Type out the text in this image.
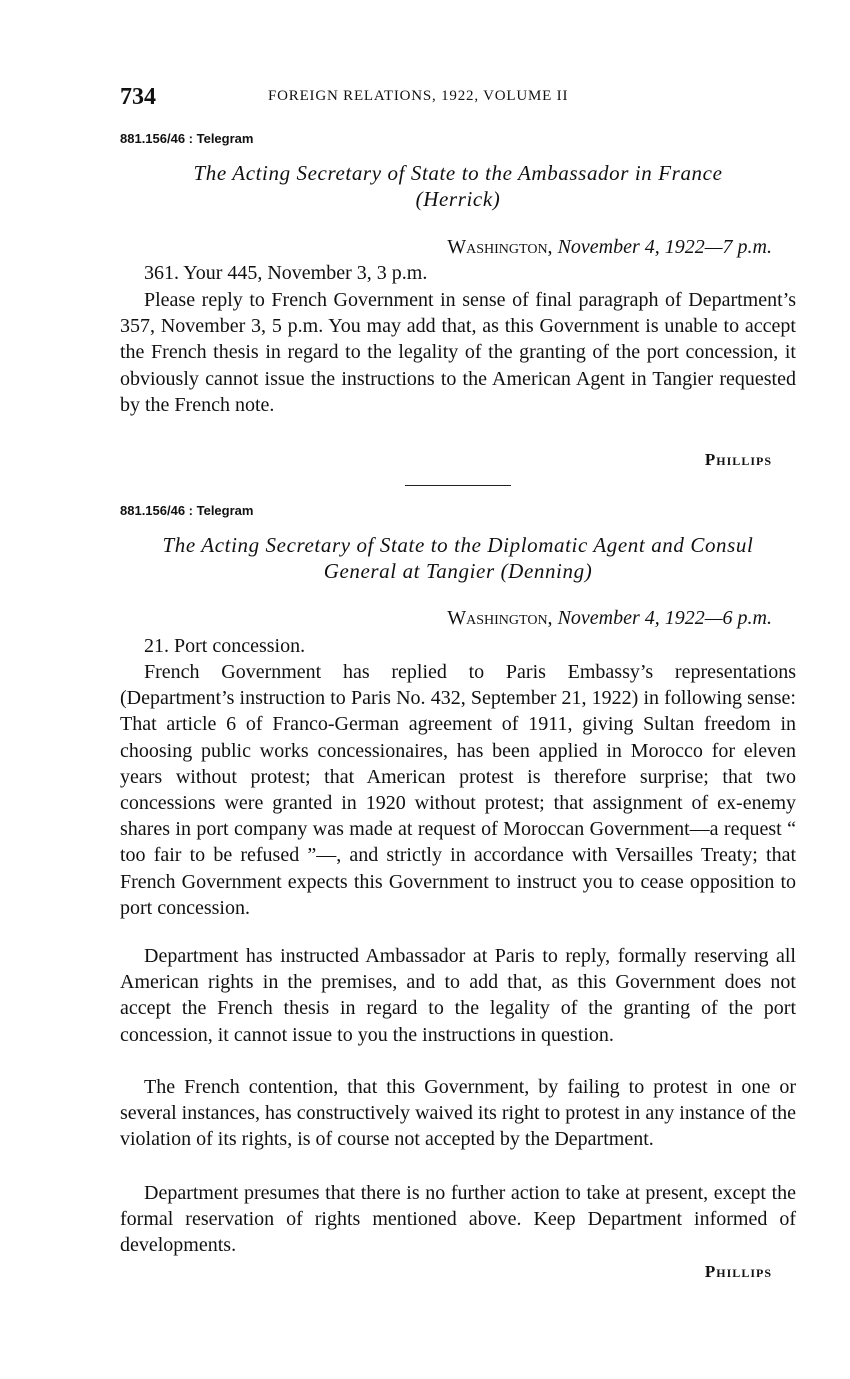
734	FOREIGN RELATIONS, 1922, VOLUME II
881.156/46 : Telegram
The Acting Secretary of State to the Ambassador in France
(Herrick)
Washington, November 4, 1922—7 p.m.

361. Your 445, November 3, 3 p.m.

Please reply to French Government in sense of final paragraph of Department’s 357, November 3, 5 p.m. You may add that, as this Government is unable to accept the French thesis in regard to the legality of the granting of the port concession, it obviously cannot issue the instructions to the American Agent in Tangier requested by the French note.

Phillips
881.156/46 : Telegram
The Acting Secretary of State to the Diplomatic Agent and Consul
General at Tangier (Denning)
Washington, November 4, 1922—6 p.m.

21. Port concession.

French Government has replied to Paris Embassy’s representations (Department’s instruction to Paris No. 432, September 21, 1922) in following sense: That article 6 of Franco-German agreement of 1911, giving Sultan freedom in choosing public works concessionaires, has been applied in Morocco for eleven years without protest; that American protest is therefore surprise; that two concessions were granted in 1920 without protest; that assignment of ex-enemy shares in port company was made at request of Moroccan Government—a request “ too fair to be refused ”—, and strictly in accordance with Versailles Treaty; that French Government expects this Government to instruct you to cease opposition to port concession.

Department has instructed Ambassador at Paris to reply, formally reserving all American rights in the premises, and to add that, as this Government does not accept the French thesis in regard to the legality of the granting of the port concession, it cannot issue to you the instructions in question.

The French contention, that this Government, by failing to protest in one or several instances, has constructively waived its right to protest in any instance of the violation of its rights, is of course not accepted by the Department.

Department presumes that there is no further action to take at present, except the formal reservation of rights mentioned above. Keep Department informed of developments.

Phillips
